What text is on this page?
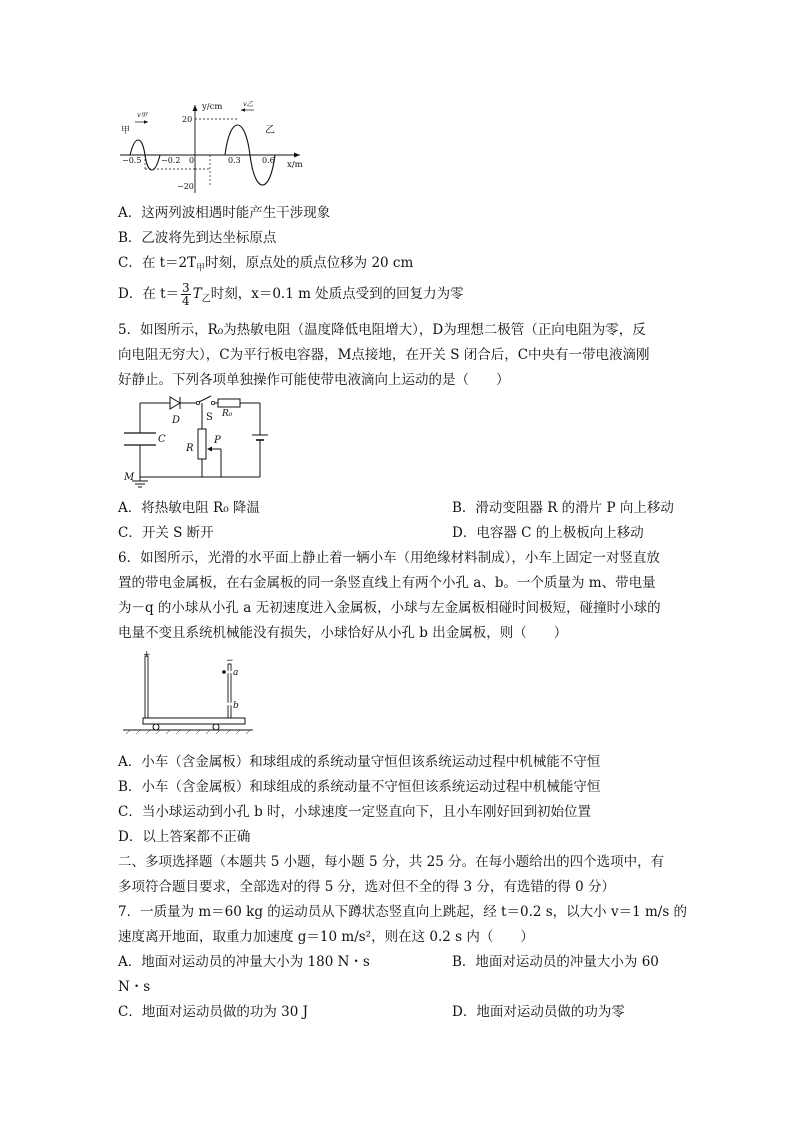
y/cm
x/m
甲	乙
v甲
v乙
−0.5 −0.2 0	0.3	0.6
20
−20
A．这两列波相遇时能产生干涉现象
B．乙波将先到达坐标原点
C．在 $t=2T_甲$时刻，原点处的质点位移为 20 cm
D．在 $t= \frac{3}{4} T_乙$时刻，x＝0.1 m 处质点受到的回复力为零
5．如图所示，R₀为热敏电阻（温度降低电阻增大），D为理想二极管（正向电阻为零，反
向电阻无穷大），C为平行板电容器，M点接地，在开关 S 闭合后，C中央有一带电液滴刚
好静止。下列各项单独操作可能使带电液滴向上运动的是（　　）
D	S R₀
C
R
P
M
A．将热敏电阻 R₀ 降温	B．滑动变阻器 R 的滑片 P 向上移动
C．开关 S 断开	D．电容器 C 的上极板向上移动
6．如图所示，光滑的水平面上静止着一辆小车（用绝缘材料制成），小车上固定一对竖直放
置的带电金属板，在右金属板的同一条竖直线上有两个小孔 a、b。一个质量为 m、带电量
为－q 的小球从小孔 a 无初速度进入金属板，小球与左金属板相碰时间极短，碰撞时小球的
电量不变且系统机械能没有损失，小球恰好从小孔 b 出金属板，则（　　）
+
−
a
b
A．小车（含金属板）和球组成的系统动量守恒但该系统运动过程中机械能不守恒
B．小车（含金属板）和球组成的系统动量不守恒但该系统运动过程中机械能守恒
C．当小球运动到小孔 b 时，小球速度一定竖直向下，且小车刚好回到初始位置
D．以上答案都不正确
二、多项选择题（本题共 5 小题，每小题 5 分，共 25 分。在每小题给出的四个选项中，有
多项符合题目要求，全部选对的得 5 分，选对但不全的得 3 分，有选错的得 0 分）
7．一质量为 m＝60 kg 的运动员从下蹲状态竖直向上跳起，经 t＝0.2 s，以大小 v＝1 m/s 的
速度离开地面，取重力加速度 g＝10 m/s²，则在这 0.2 s 内（　　）
A．地面对运动员的冲量大小为 180 N・s	B．地面对运动员的冲量大小为 60
N・s
C．地面对运动员做的功为 30 J	D．地面对运动员做的功为零
